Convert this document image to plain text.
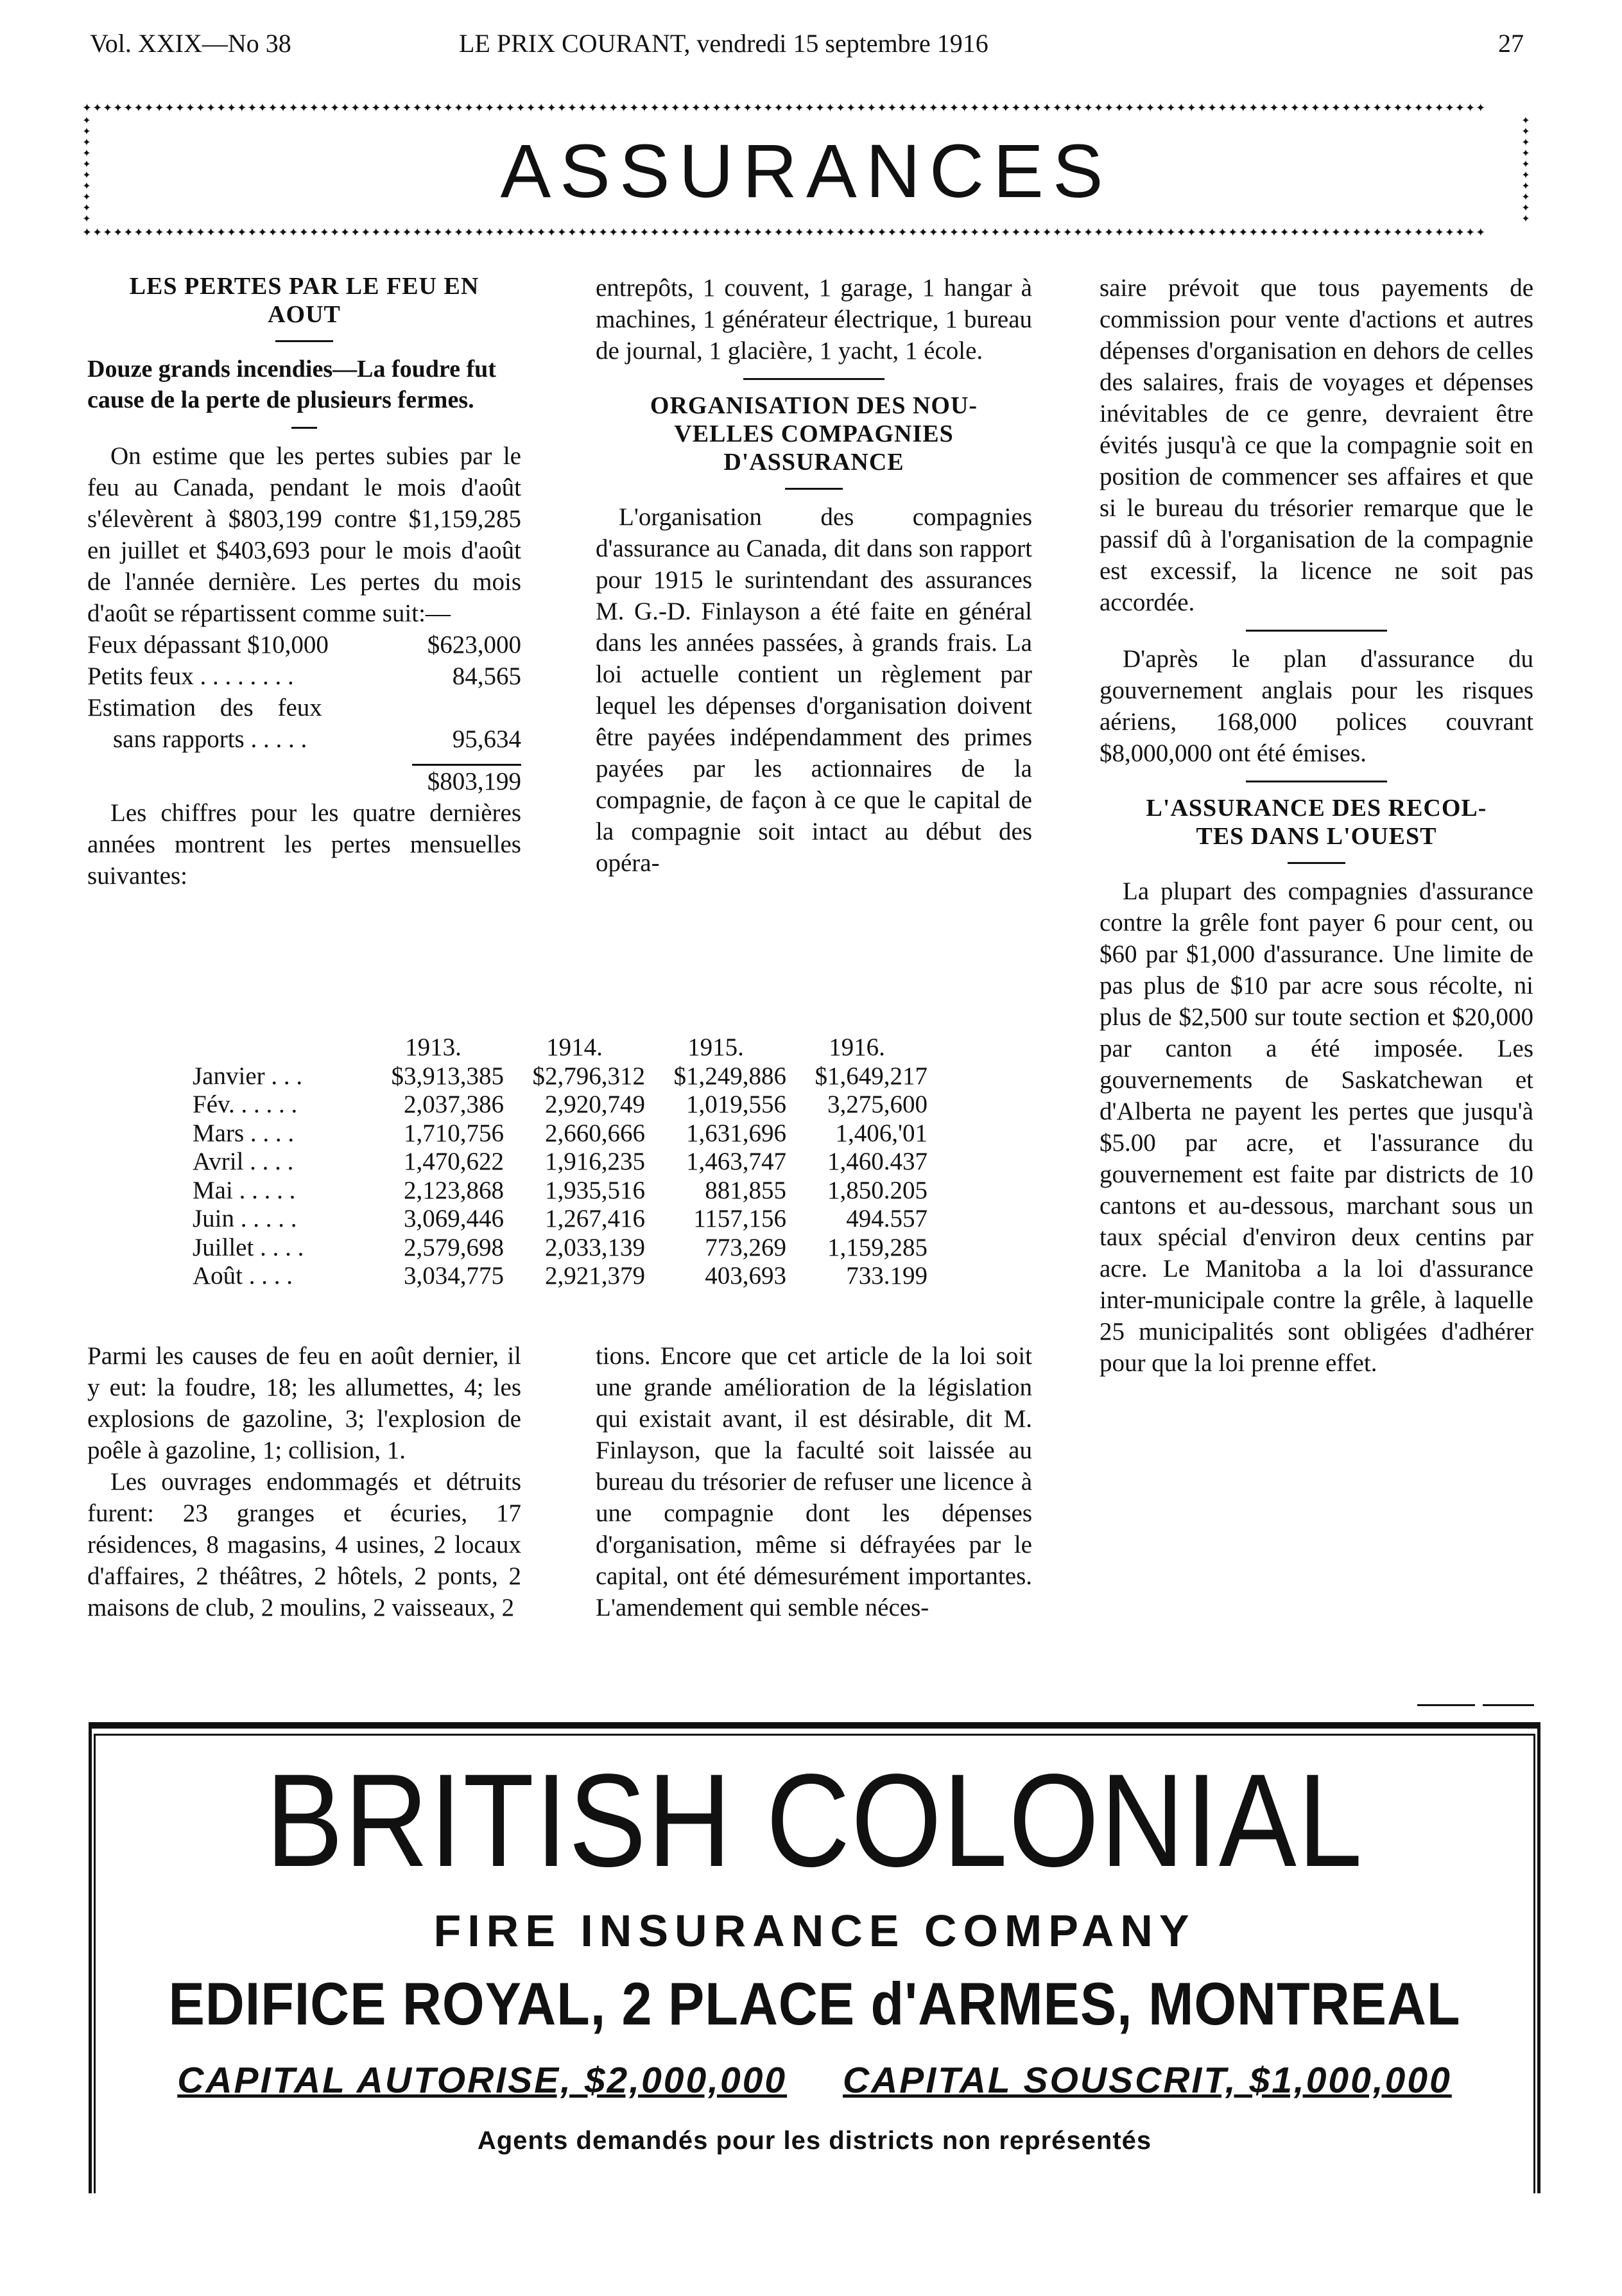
Vol. XXIX—No 38	LE PRIX COURANT, vendredi 15 septembre 1916	27
✦✦✦✦✦✦✦✦✦✦✦✦✦✦✦✦✦✦✦✦✦✦✦✦✦✦✦✦✦✦✦✦✦✦✦✦✦✦✦✦✦✦✦✦✦✦✦✦✦✦✦✦✦✦✦✦✦✦✦✦✦✦✦✦✦✦✦✦✦✦✦✦✦✦✦✦✦✦✦✦✦✦✦✦✦✦✦✦✦✦✦✦✦✦✦✦✦✦✦✦✦✦✦✦✦✦✦✦✦✦✦✦✦✦✦✦✦✦✦✦✦✦✦✦✦✦✦✦✦✦✦✦✦✦✦✦
✦
✦
✦
✦
✦
✦
✦
✦
✦
✦
ASSURANCES
✦
✦
✦
✦
✦
✦
✦
✦
✦
✦
✦✦✦✦✦✦✦✦✦✦✦✦✦✦✦✦✦✦✦✦✦✦✦✦✦✦✦✦✦✦✦✦✦✦✦✦✦✦✦✦✦✦✦✦✦✦✦✦✦✦✦✦✦✦✦✦✦✦✦✦✦✦✦✦✦✦✦✦✦✦✦✦✦✦✦✦✦✦✦✦✦✦✦✦✦✦✦✦✦✦✦✦✦✦✦✦✦✦✦✦✦✦✦✦✦✦✦✦✦✦✦✦✦✦✦✦✦✦✦✦✦✦✦✦✦✦✦✦✦✦✦✦✦✦✦✦
LES PERTES PAR LE FEU EN
AOUT
Douze grands incendies—La foudre fut cause de la perte de plusieurs fermes.

On estime que les pertes subies par le feu au Canada, pendant le mois d'août s'élevèrent à $803,199 contre $1,159,285 en juillet et $403,693 pour le mois d'août de l'année dernière. Les pertes du mois d'août se répartissent comme suit:—

Feux dépassant $10,000	$623,000
Petits feux . . . . . . . .	84,565
Estimation des feux
sans rapports . . . . .	95,634
$803,199

Les chiffres pour les quatre dernières années montrent les pertes mensuelles suivantes:

entrepôts, 1 couvent, 1 garage, 1 hangar à machines, 1 générateur électrique, 1 bureau de journal, 1 glacière, 1 yacht, 1 école.

ORGANISATION DES NOU-
VELLES COMPAGNIES
D'ASSURANCE

L'organisation des compagnies d'assurance au Canada, dit dans son rapport pour 1915 le surintendant des assurances M. G.-D. Finlayson a été faite en général dans les années passées, à grands frais. La loi actuelle contient un règlement par lequel les dépenses d'organisation doivent être payées indépendamment des primes payées par les actionnaires de la compagnie, de façon à ce que le capital de la compagnie soit intact au début des opéra-

saire prévoit que tous payements de commission pour vente d'actions et autres dépenses d'organisation en dehors de celles des salaires, frais de voyages et dépenses inévitables de ce genre, devraient être évités jusqu'à ce que la compagnie soit en position de commencer ses affaires et que si le bureau du trésorier remarque que le passif dû à l'organisation de la compagnie est excessif, la licence ne soit pas accordée.

D'après le plan d'assurance du gouvernement anglais pour les risques aériens, 168,000 polices couvrant $8,000,000 ont été émises.

L'ASSURANCE DES RECOL-
TES DANS L'OUEST

La plupart des compagnies d'assurance contre la grêle font payer 6 pour cent, ou $60 par $1,000 d'assurance. Une limite de pas plus de $10 par acre sous récolte, ni plus de $2,500 sur toute section et $20,000 par canton a été imposée. Les gouvernements de Saskatchewan et d'Alberta ne payent les pertes que jusqu'à $5.00 par acre, et l'assurance du gouvernement est faite par districts de 10 cantons et au-dessous, marchant sous un taux spécial d'environ deux centins par acre. Le Manitoba a la loi d'assurance inter-municipale contre la grêle, à laquelle 25 municipalités sont obligées d'adhérer pour que la loi prenne effet.

	1913.	1914.	1915.	1916.
Janvier . . .	$3,913,385	$2,796,312	$1,249,886	$1,649,217
Fév. . . . . .	2,037,386	2,920,749	1,019,556	3,275,600
Mars . . . .	1,710,756	2,660,666	1,631,696	1,406,'01
Avril . . . .	1,470,622	1,916,235	1,463,747	1,460.437
Mai . . . . .	2,123,868	1,935,516	881,855	1,850.205
Juin . . . . .	3,069,446	1,267,416	1157,156	494.557
Juillet . . . .	2,579,698	2,033,139	773,269	1,159,285
Août . . . .	3,034,775	2,921,379	403,693	733.199

Parmi les causes de feu en août dernier, il y eut: la foudre, 18; les allumettes, 4; les explosions de gazoline, 3; l'explosion de poêle à gazoline, 1; collision, 1.

Les ouvrages endommagés et détruits furent: 23 granges et écuries, 17 résidences, 8 magasins, 4 usines, 2 locaux d'affaires, 2 théâtres, 2 hôtels, 2 ponts, 2 maisons de club, 2 moulins, 2 vaisseaux, 2

tions. Encore que cet article de la loi soit une grande amélioration de la législation qui existait avant, il est désirable, dit M. Finlayson, que la faculté soit laissée au bureau du trésorier de refuser une licence à une compagnie dont les dépenses d'organisation, même si défrayées par le capital, ont été démesurément importantes. L'amendement qui semble néces-

BRITISH COLONIAL
FIRE INSURANCE COMPANY
EDIFICE ROYAL, 2 PLACE d'ARMES, MONTREAL
CAPITAL AUTORISE, $2,000,000 CAPITAL SOUSCRIT, $1,000,000
Agents demandés pour les districts non représentés
